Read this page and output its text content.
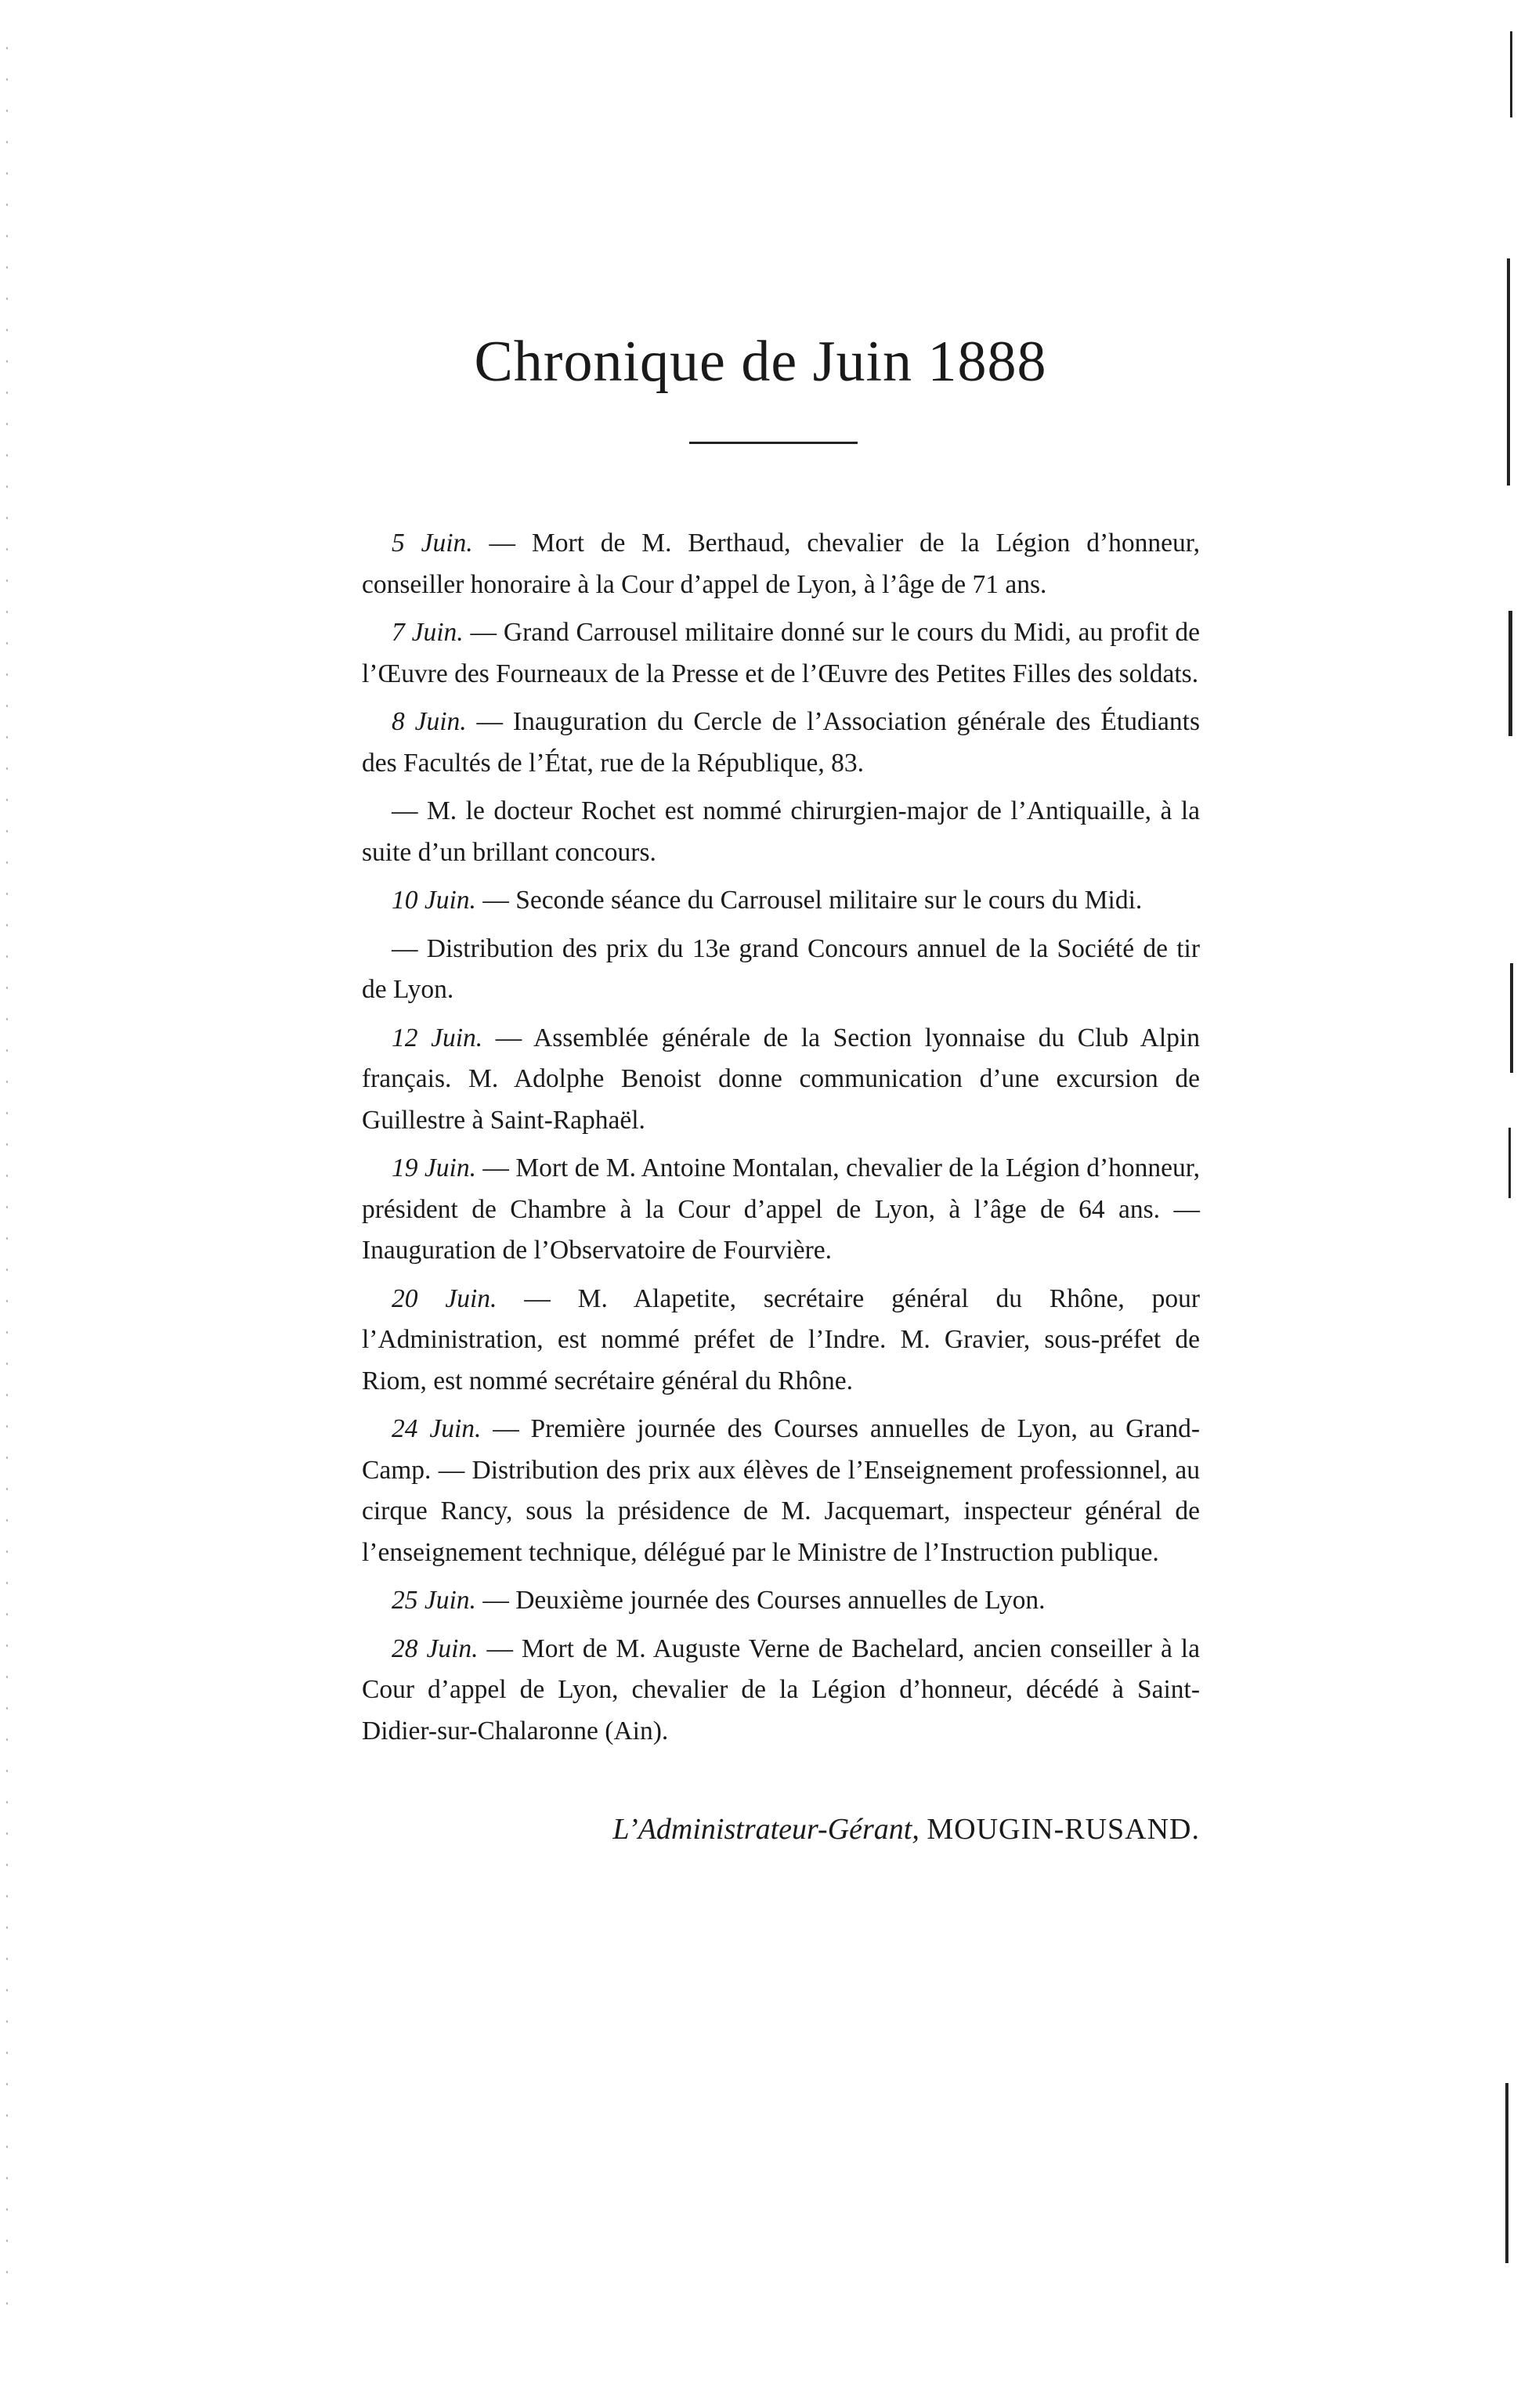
Chronique de Juin 1888

5 Juin. — Mort de M. Berthaud, chevalier de la Légion d’honneur, conseiller honoraire à la Cour d’appel de Lyon, à l’âge de 71 ans.

7 Juin. — Grand Carrousel militaire donné sur le cours du Midi, au profit de l’Œuvre des Fourneaux de la Presse et de l’Œuvre des Petites Filles des soldats.

8 Juin. — Inauguration du Cercle de l’Association générale des Étudiants des Facultés de l’État, rue de la République, 83.

— M. le docteur Rochet est nommé chirurgien-major de l’Antiquaille, à la suite d’un brillant concours.

10 Juin. — Seconde séance du Carrousel militaire sur le cours du Midi.

— Distribution des prix du 13e grand Concours annuel de la Société de tir de Lyon.

12 Juin. — Assemblée générale de la Section lyonnaise du Club Alpin français. M. Adolphe Benoist donne communication d’une excursion de Guillestre à Saint-Raphaël.

19 Juin. — Mort de M. Antoine Montalan, chevalier de la Légion d’honneur, président de Chambre à la Cour d’appel de Lyon, à l’âge de 64 ans. — Inauguration de l’Observatoire de Fourvière.

20 Juin. — M. Alapetite, secrétaire général du Rhône, pour l’Administration, est nommé préfet de l’Indre. M. Gravier, sous-préfet de Riom, est nommé secrétaire général du Rhône.

24 Juin. — Première journée des Courses annuelles de Lyon, au Grand-Camp. — Distribution des prix aux élèves de l’Enseignement professionnel, au cirque Rancy, sous la présidence de M. Jacquemart, inspecteur général de l’enseignement technique, délégué par le Ministre de l’Instruction publique.

25 Juin. — Deuxième journée des Courses annuelles de Lyon.

28 Juin. — Mort de M. Auguste Verne de Bachelard, ancien conseiller à la Cour d’appel de Lyon, chevalier de la Légion d’honneur, décédé à Saint-Didier-sur-Chalaronne (Ain).

L’Administrateur-Gérant, MOUGIN-RUSAND.
